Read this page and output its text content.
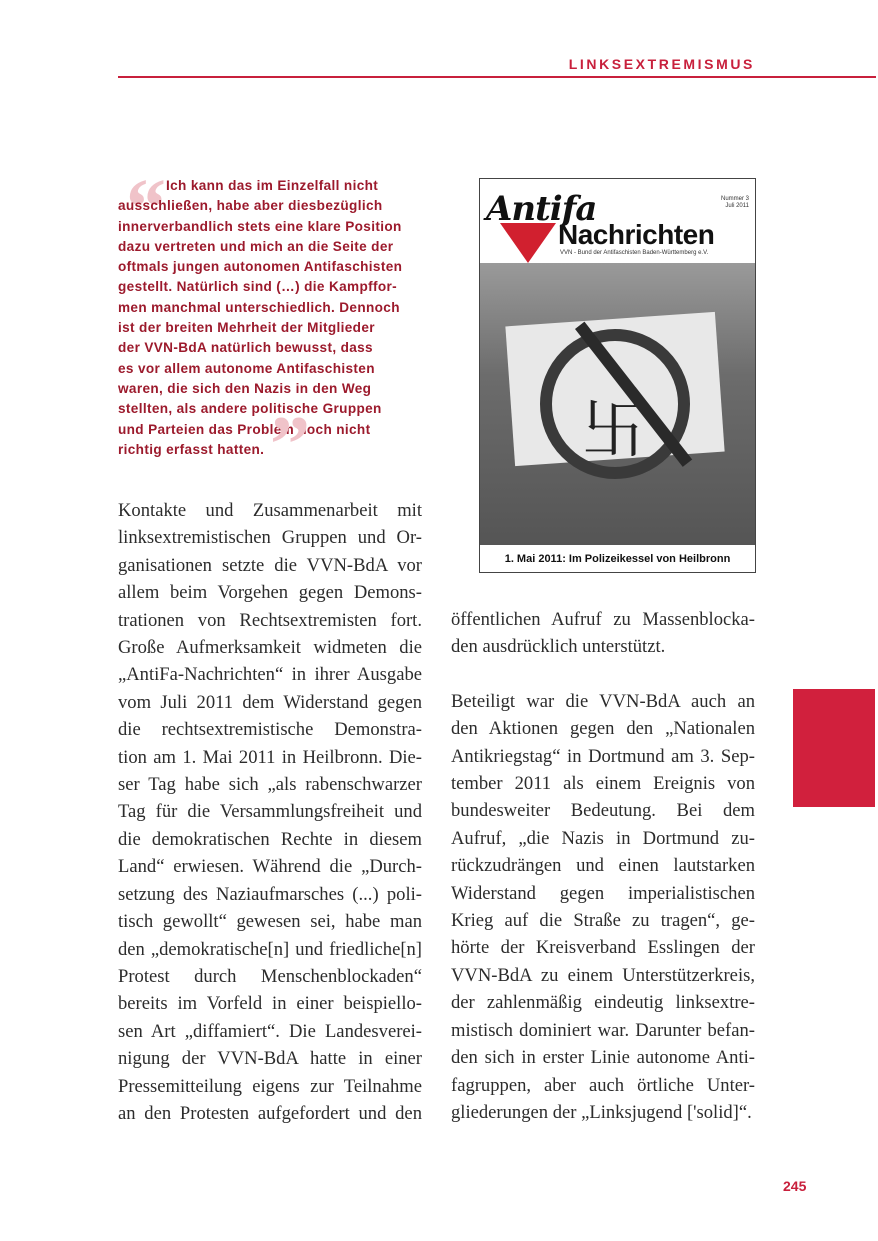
LINKSEXTREMISMUS
“ Ich kann das im Einzelfall nicht
ausschließen, habe aber diesbezüglich
innerverbandlich stets eine klare Position
dazu vertreten und mich an die Seite der
oftmals jungen autonomen Antifaschisten
gestellt. Natürlich sind (…) die Kampffor-
men manchmal unterschiedlich. Dennoch
ist der breiten Mehrheit der Mitglieder
der VVN-BdA natürlich bewusst, dass
es vor allem autonome Antifaschisten
waren, die sich den Nazis in den Weg
stellten, als andere politische Gruppen
und Parteien das Problem noch nicht
richtig erfasst hatten. ”	卐
Antifa
Nachrichten
VVN - Bund der Antifaschisten Baden-Württemberg e.V.
Nummer 3
Juli 2011
1. Mai 2011: Im Polizeikessel von Heilbronn
Kontakte und Zusammenarbeit mit
linksextremistischen Gruppen und Or-
ganisationen setzte die VVN-BdA vor
allem beim Vorgehen gegen Demons-
trationen von Rechtsextremisten fort.
Große Aufmerksamkeit widmeten die
„AntiFa-Nachrichten“ in ihrer Ausgabe
vom Juli 2011 dem Widerstand gegen
die rechtsextremistische Demonstra-
tion am 1. Mai 2011 in Heilbronn. Die-
ser Tag habe sich „als rabenschwarzer
Tag für die Versammlungsfreiheit und
die demokratischen Rechte in diesem
Land“ erwiesen. Während die „Durch-
setzung des Naziaufmarsches (...) poli-
tisch gewollt“ gewesen sei, habe man
den „demokratische[n] und friedliche[n]
Protest durch Menschenblockaden“
bereits im Vorfeld in einer beispiello-
sen Art „diffamiert“. Die Landesverei-
nigung der VVN-BdA hatte in einer
Pressemitteilung eigens zur Teilnahme
an den Protesten aufgefordert und den
öffentlichen Aufruf zu Massenblocka-
den ausdrücklich unterstützt.
Beteiligt war die VVN-BdA auch an
den Aktionen gegen den „Nationalen
Antikriegstag“ in Dortmund am 3. Sep-
tember 2011 als einem Ereignis von
bundesweiter Bedeutung. Bei dem
Aufruf, „die Nazis in Dortmund zu-
rückzudrängen und einen lautstarken
Widerstand gegen imperialistischen
Krieg auf die Straße zu tragen“, ge-
hörte der Kreisverband Esslingen der
VVN-BdA zu einem Unterstützerkreis,
der zahlenmäßig eindeutig linksextre-
mistisch dominiert war. Darunter befan-
den sich in erster Linie autonome Anti-
fagruppen, aber auch örtliche Unter-
gliederungen der „Linksjugend ['solid]“.
245
